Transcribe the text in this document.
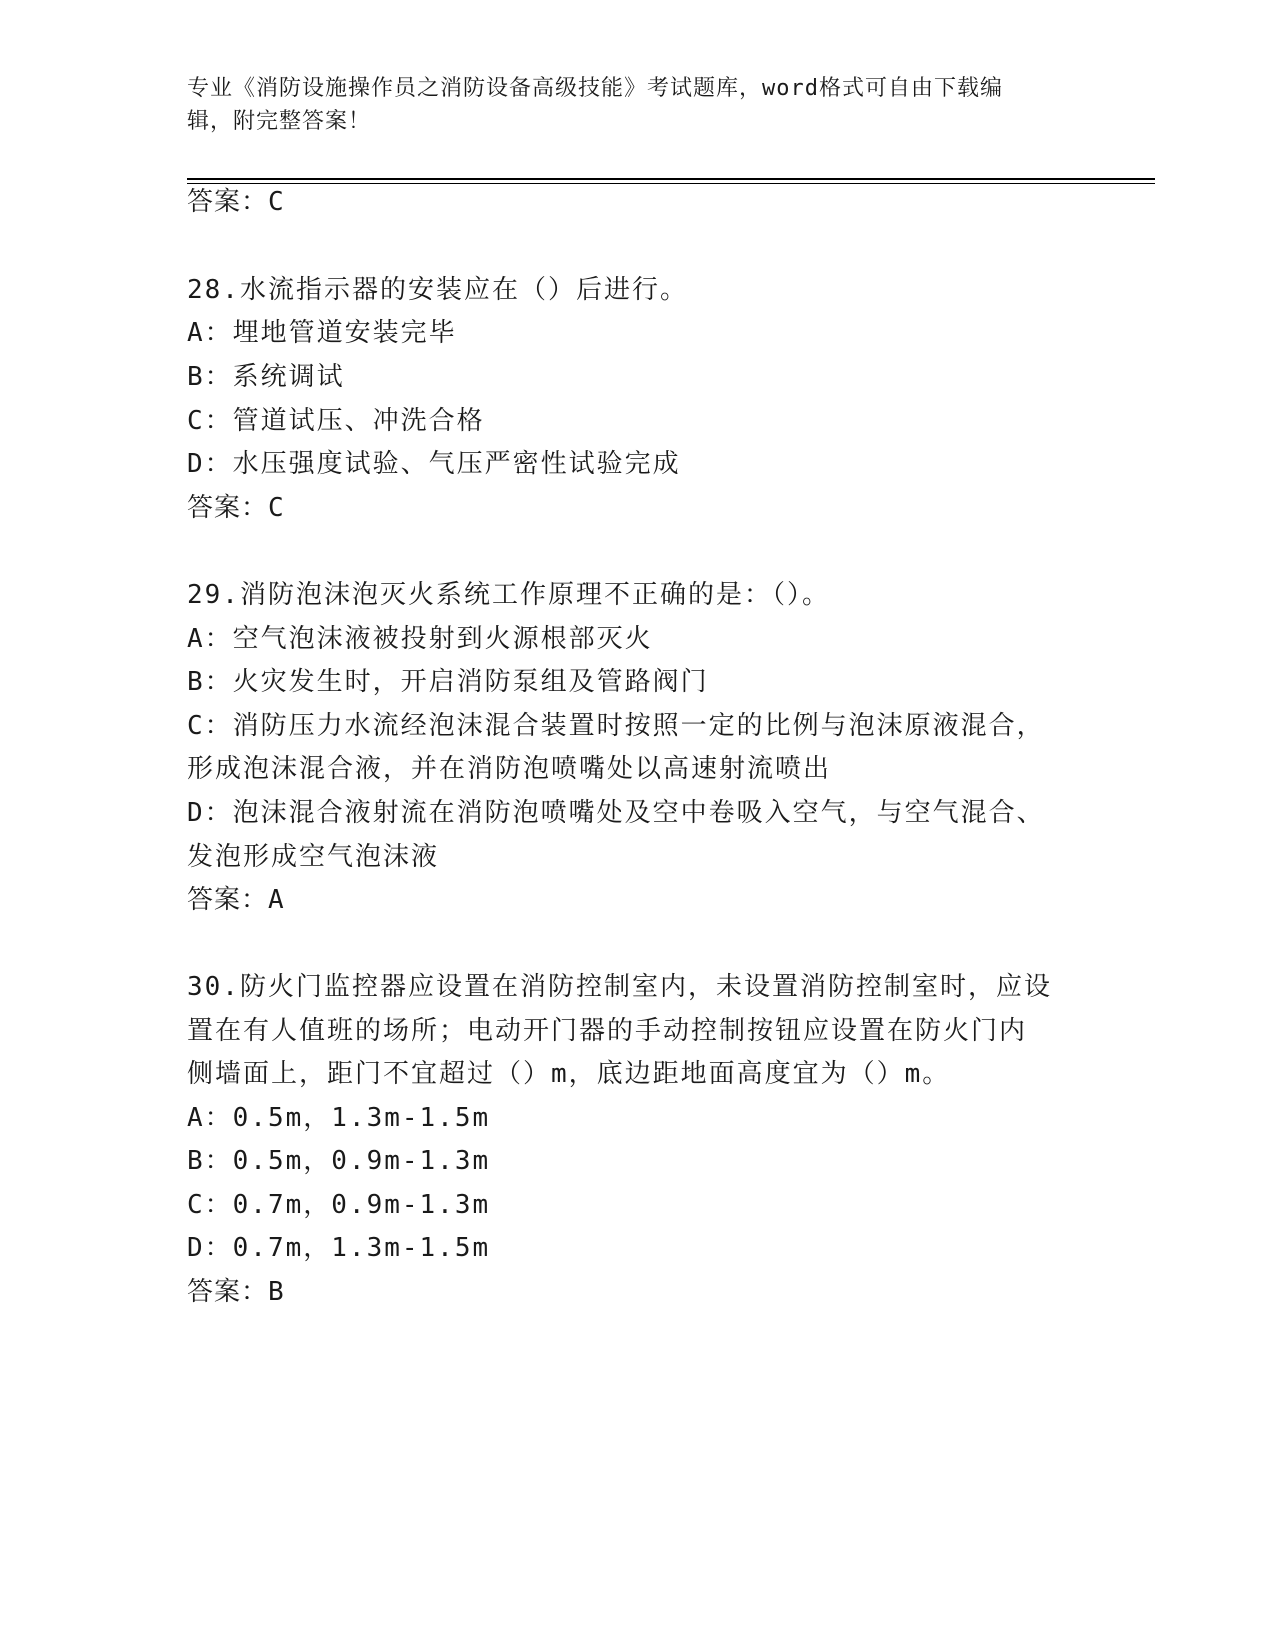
专业《消防设施操作员之消防设备高级技能》考试题库，word格式可自由下载编
辑，附完整答案！
答案：C
28.水流指示器的安装应在（）后进行。
A：埋地管道安装完毕
B：系统调试
C：管道试压、冲洗合格
D：水压强度试验、气压严密性试验完成
答案：C
29.消防泡沫泡灭火系统工作原理不正确的是：（）。
A：空气泡沫液被投射到火源根部灭火
B：火灾发生时，开启消防泵组及管路阀门
C：消防压力水流经泡沫混合装置时按照一定的比例与泡沫原液混合，
形成泡沫混合液，并在消防泡喷嘴处以高速射流喷出
D：泡沫混合液射流在消防泡喷嘴处及空中卷吸入空气，与空气混合、
发泡形成空气泡沫液
答案：A
30.防火门监控器应设置在消防控制室内，未设置消防控制室时，应设
置在有人值班的场所；电动开门器的手动控制按钮应设置在防火门内
侧墙面上，距门不宜超过（）m，底边距地面高度宜为（）m。
A：0.5m，1.3m-1.5m
B：0.5m，0.9m-1.3m
C：0.7m，0.9m-1.3m
D：0.7m，1.3m-1.5m
答案：B
